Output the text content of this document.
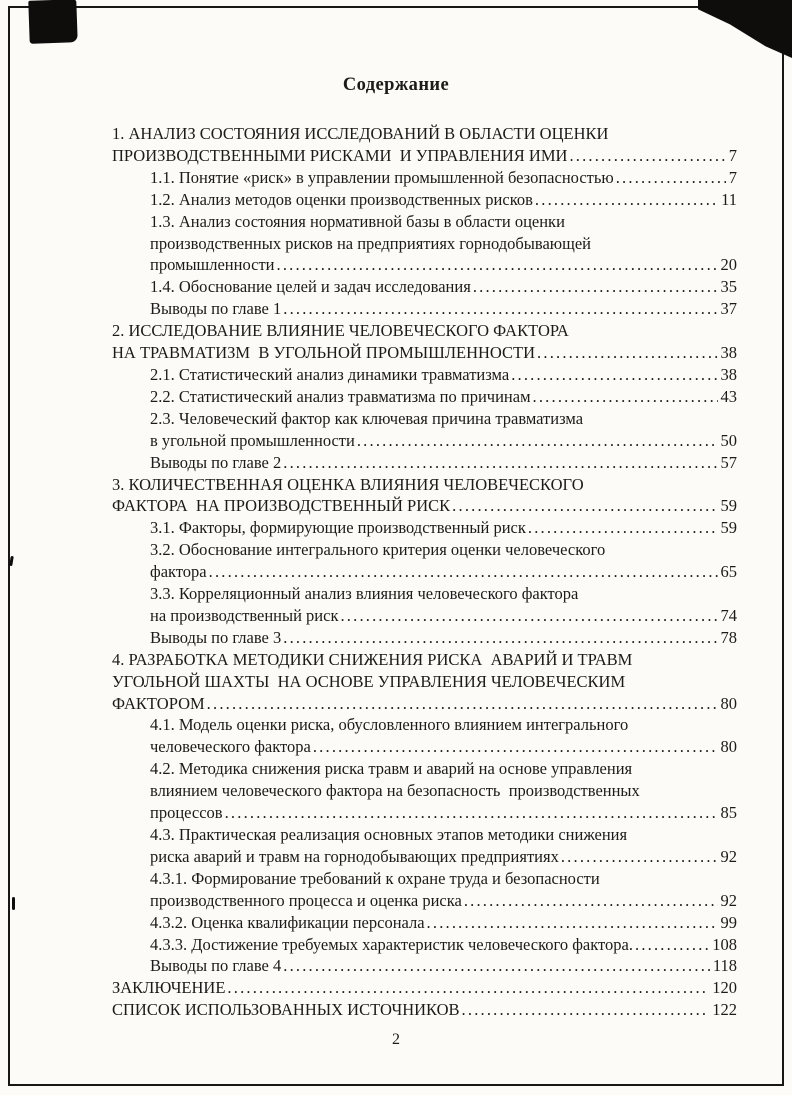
Содержание
1. АНАЛИЗ СОСТОЯНИЯ ИССЛЕДОВАНИЙ В ОБЛАСТИ ОЦЕНКИ
ПРОИЗВОДСТВЕННЫМИ РИСКАМИ  И УПРАВЛЕНИЯ ИМИ .....	7
1.1. Понятие «риск» в управлении промышленной безопасностью .....	7
1.2. Анализ методов оценки производственных рисков .....	11
1.3. Анализ состояния нормативной базы в области оценки
производственных рисков на предприятиях горнодобывающей
промышленности .....	20
1.4. Обоснование целей и задач исследования .....	35
Выводы по главе 1 .....	37
2. ИССЛЕДОВАНИЕ ВЛИЯНИЕ ЧЕЛОВЕЧЕСКОГО ФАКТОРА
НА ТРАВМАТИЗМ  В УГОЛЬНОЙ ПРОМЫШЛЕННОСТИ .....	38
2.1. Статистический анализ динамики травматизма .....	38
2.2. Статистический анализ травматизма по причинам .....	43
2.3. Человеческий фактор как ключевая причина травматизма
в угольной промышленности .....	50
Выводы по главе 2 .....	57
3. КОЛИЧЕСТВЕННАЯ ОЦЕНКА ВЛИЯНИЯ ЧЕЛОВЕЧЕСКОГО
ФАКТОРА  НА ПРОИЗВОДСТВЕННЫЙ РИСК .....	59
3.1. Факторы, формирующие производственный риск .....	59
3.2. Обоснование интегрального критерия оценки человеческого
фактора .....	65
3.3. Корреляционный анализ влияния человеческого фактора
на производственный риск .....	74
Выводы по главе 3 .....	78
4. РАЗРАБОТКА МЕТОДИКИ СНИЖЕНИЯ РИСКА  АВАРИЙ И ТРАВМ
УГОЛЬНОЙ ШАХТЫ  НА ОСНОВЕ УПРАВЛЕНИЯ ЧЕЛОВЕЧЕСКИМ
ФАКТОРОМ .....	80
4.1. Модель оценки риска, обусловленного влиянием интегрального
человеческого фактора .....	80
4.2. Методика снижения риска травм и аварий на основе управления
влиянием человеческого фактора на безопасность  производственных
процессов .....	85
4.3. Практическая реализация основных этапов методики снижения
риска аварий и травм на горнодобывающих предприятиях .....	92
4.3.1. Формирование требований к охране труда и безопасности
производственного процесса и оценка риска .....	92
4.3.2. Оценка квалификации персонала .....	99
4.3.3. Достижение требуемых характеристик человеческого фактора. .....	108
Выводы по главе 4 .....	118
ЗАКЛЮЧЕНИЕ .....	120
СПИСОК ИСПОЛЬЗОВАННЫХ ИСТОЧНИКОВ .....	122
2
